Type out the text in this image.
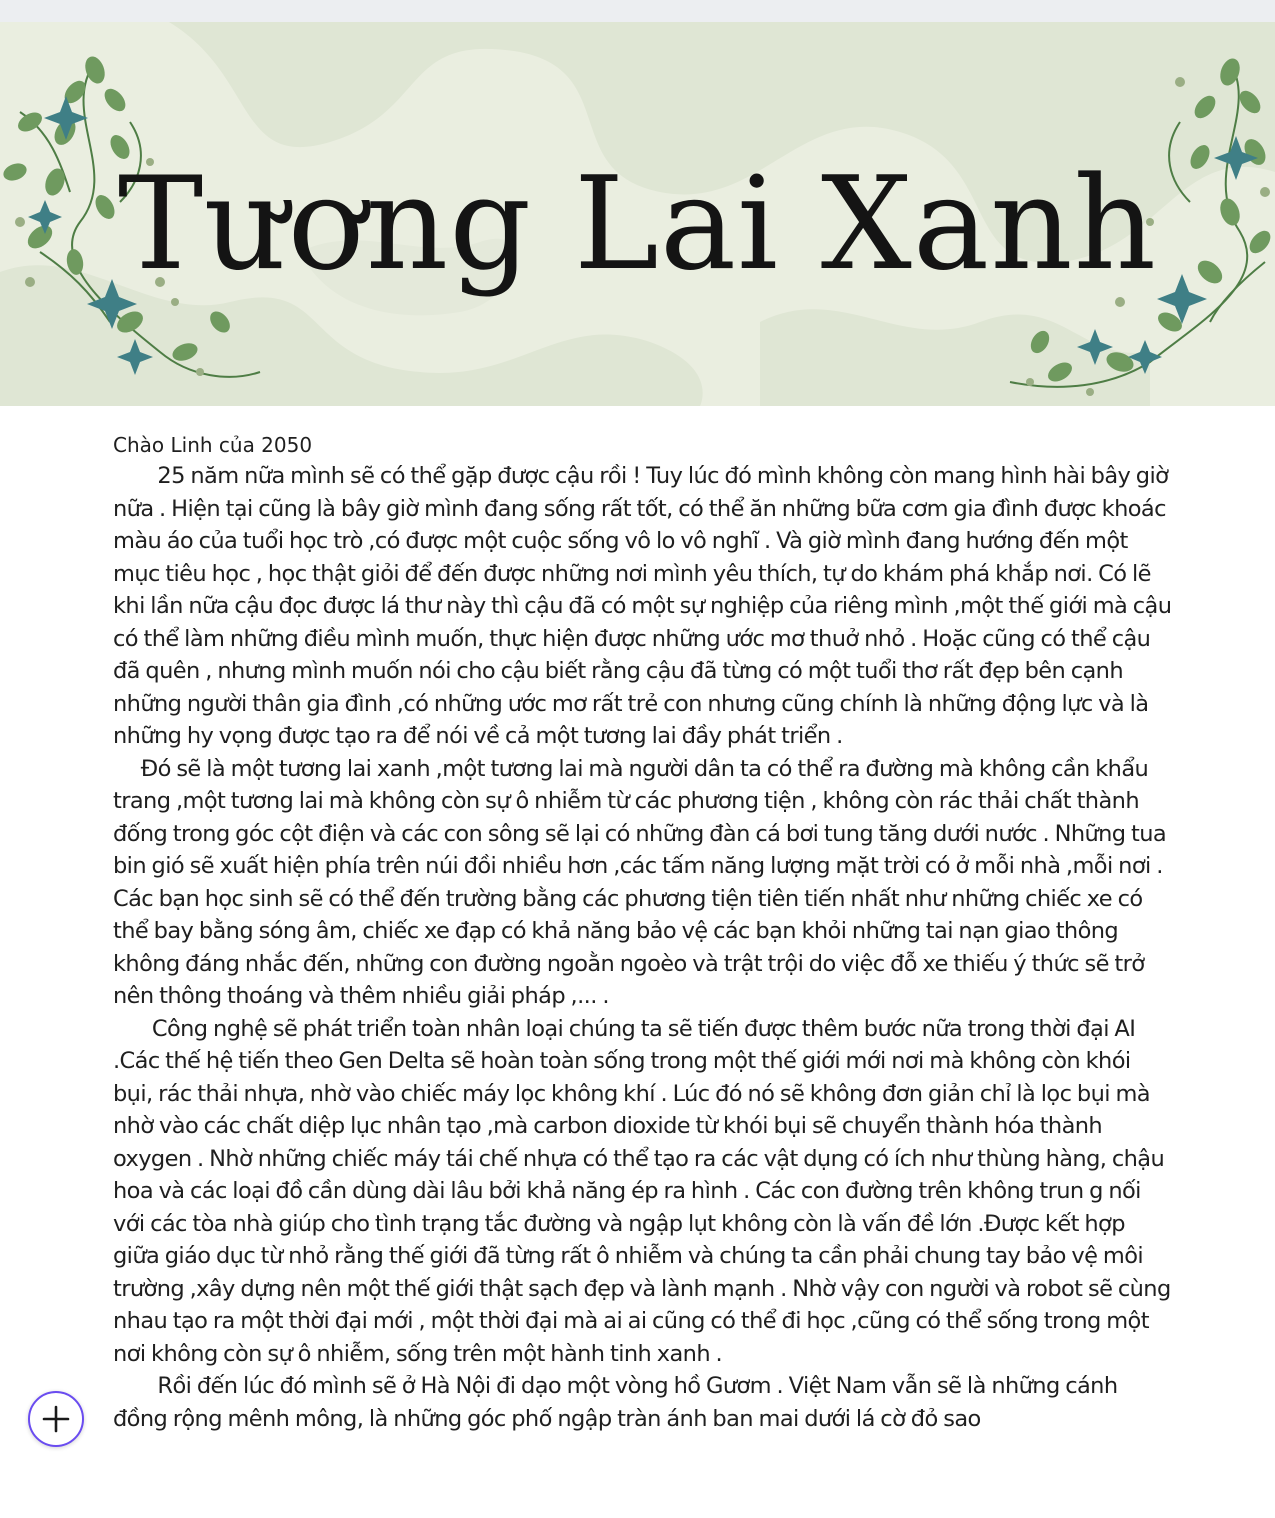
Tương Lai Xanh

Chào Linh của 2050

25 năm nữa mình sẽ có thể gặp được cậu rồi ! Tuy lúc đó mình không còn mang hình hài bây giờ nữa . Hiện tại cũng là bây giờ mình đang sống rất tốt, có thể ăn những bữa cơm gia đình được khoác màu áo của tuổi học trò ,có được một cuộc sống vô lo vô nghĩ . Và giờ mình đang hướng đến một mục tiêu học , học thật giỏi để đến được những nơi mình yêu thích, tự do khám phá khắp nơi. Có lẽ khi lần nữa cậu đọc được lá thư này thì cậu đã có một sự nghiệp của riêng mình ,một thế giới mà cậu có thể làm những điều mình muốn, thực hiện được những ước mơ thuở nhỏ . Hoặc cũng có thể cậu đã quên , nhưng mình muốn nói cho cậu biết rằng cậu đã từng có một tuổi thơ rất đẹp bên cạnh những người thân gia đình ,có những ước mơ rất trẻ con nhưng cũng chính là những động lực và là những hy vọng được tạo ra để nói về cả một tương lai đầy phát triển .

Đó sẽ là một tương lai xanh ,một tương lai mà người dân ta có thể ra đường mà không cần khẩu trang ,một tương lai mà không còn sự ô nhiễm từ các phương tiện , không còn rác thải chất thành đống trong góc cột điện và các con sông sẽ lại có những đàn cá bơi tung tăng dưới nước . Những tua bin gió sẽ xuất hiện phía trên núi đồi nhiều hơn ,các tấm năng lượng mặt trời có ở mỗi nhà ,mỗi nơi . Các bạn học sinh sẽ có thể đến trường bằng các phương tiện tiên tiến nhất như những chiếc xe có thể bay bằng sóng âm, chiếc xe đạp có khả năng bảo vệ các bạn khỏi những tai nạn giao thông không đáng nhắc đến, những con đường ngoằn ngoèo và trật trội do việc đỗ xe thiếu ý thức sẽ trở nên thông thoáng và thêm nhiều giải pháp ,... .

Công nghệ sẽ phát triển toàn nhân loại chúng ta sẽ tiến được thêm bước nữa trong thời đại AI .Các thế hệ tiến theo Gen Delta sẽ hoàn toàn sống trong một thế giới mới nơi mà không còn khói bụi, rác thải nhựa, nhờ vào chiếc máy lọc không khí . Lúc đó nó sẽ không đơn giản chỉ là lọc bụi mà nhờ vào các chất diệp lục nhân tạo ,mà carbon dioxide từ khói bụi sẽ chuyển thành hóa thành oxygen . Nhờ những chiếc máy tái chế nhựa có thể tạo ra các vật dụng có ích như thùng hàng, chậu hoa và các loại đồ cần dùng dài lâu bởi khả năng ép ra hình . Các con đường trên không trun g nối với các tòa nhà giúp cho tình trạng tắc đường và ngập lụt không còn là vấn đề lớn .Được kết hợp giữa giáo dục từ nhỏ rằng thế giới đã từng rất ô nhiễm và chúng ta cần phải chung tay bảo vệ môi trường ,xây dựng nên một thế giới thật sạch đẹp và lành mạnh . Nhờ vậy con người và robot sẽ cùng nhau tạo ra một thời đại mới , một thời đại mà ai ai cũng có thể đi học ,cũng có thể sống trong một nơi không còn sự ô nhiễm, sống trên một hành tinh xanh .

Rồi đến lúc đó mình sẽ ở Hà Nội đi dạo một vòng hồ Gươm . Việt Nam vẫn sẽ là những cánh đồng rộng mênh mông, là những góc phố ngập tràn ánh ban mai dưới lá cờ đỏ sao
